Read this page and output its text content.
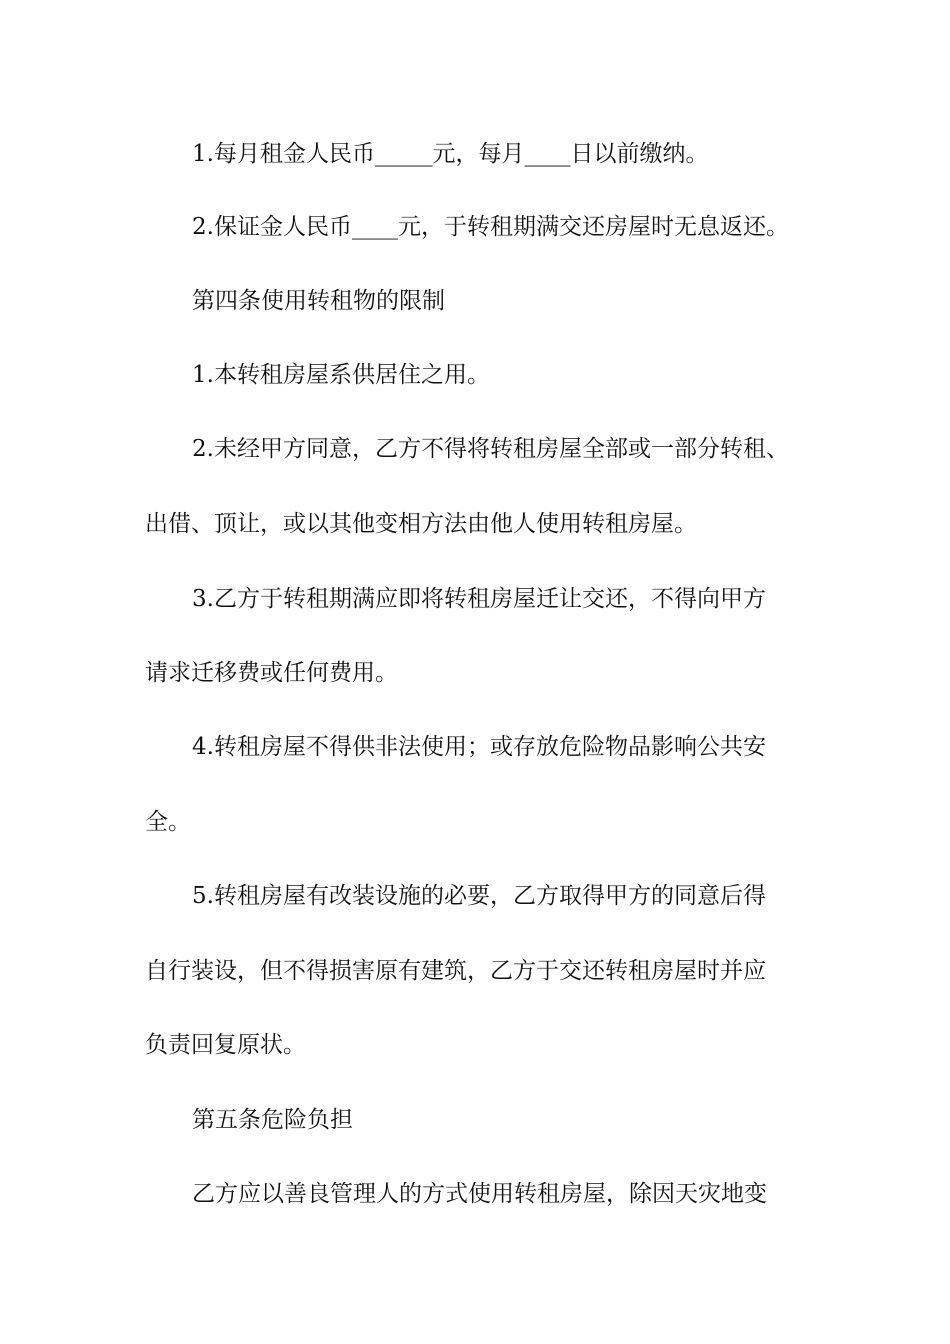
1.每月租金人民币_____元，每月____日以前缴纳。
2.保证金人民币____元，于转租期满交还房屋时无息返还。
第四条使用转租物的限制
1.本转租房屋系供居住之用。
2.未经甲方同意，乙方不得将转租房屋全部或一部分转租、
出借、顶让，或以其他变相方法由他人使用转租房屋。
3.乙方于转租期满应即将转租房屋迁让交还，不得向甲方
请求迁移费或任何费用。
4.转租房屋不得供非法使用；或存放危险物品影响公共安
全。
5.转租房屋有改装设施的必要，乙方取得甲方的同意后得
自行装设，但不得损害原有建筑，乙方于交还转租房屋时并应
负责回复原状。
第五条危险负担
乙方应以善良管理人的方式使用转租房屋，除因天灾地变
